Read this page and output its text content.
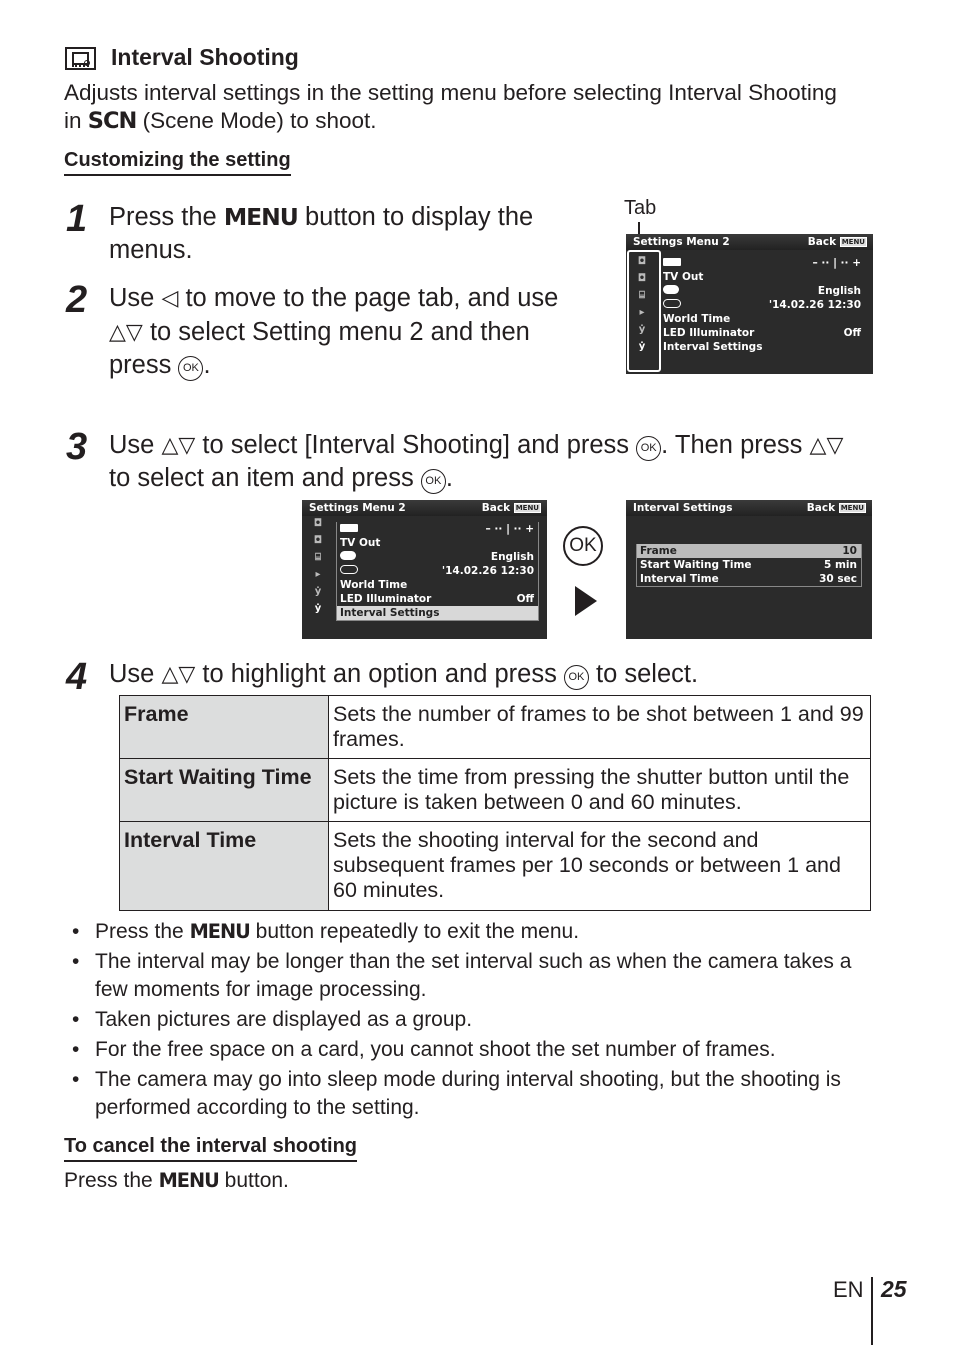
Interval Shooting
Adjusts interval settings in the setting menu before selecting Interval Shooting in SCN (Scene Mode) to shoot.
Customizing the setting
1 Press the MENU button to display the menus.
2 Use ◁ to move to the page tab, and use △▽ to select Setting menu 2 and then press OK .
Tab
Settings Menu 2	Back MENU
◘
◘
⌸
▸
ẏ
ẏ
– ·· | ·· +
TV Out
English
'14.02.26 12:30
World Time
LED Illuminator	Off
Interval Settings
3 Use △▽ to select [Interval Shooting] and press OK . Then press △▽ to select an item and press OK .
Settings Menu 2	Back MENU
◘
◘
⌸
▸
ẏ
ẏ
– ·· | ·· +
TV Out
English
'14.02.26 12:30
World Time
LED Illuminator	Off
Interval Settings
OK
Interval Settings	Back MENU
Frame	10
Start Waiting Time	5 min
Interval Time	30 sec
4 Use △▽ to highlight an option and press OK to select.
Frame	Sets the number of frames to be shot between 1 and 99 frames.
Start Waiting Time	Sets the time from pressing the shutter button until the picture is taken between 0 and 60 minutes.
Interval Time	Sets the shooting interval for the second and subsequent frames per 10 seconds or between 1 and 60 minutes.
• Press the MENU button repeatedly to exit the menu.
• The interval may be longer than the set interval such as when the camera takes a few moments for image processing.
• Taken pictures are displayed as a group.
• For the free space on a card, you cannot shoot the set number of frames.
• The camera may go into sleep mode during interval shooting, but the shooting is performed according to the setting.
To cancel the interval shooting
Press the MENU button.
EN 25
